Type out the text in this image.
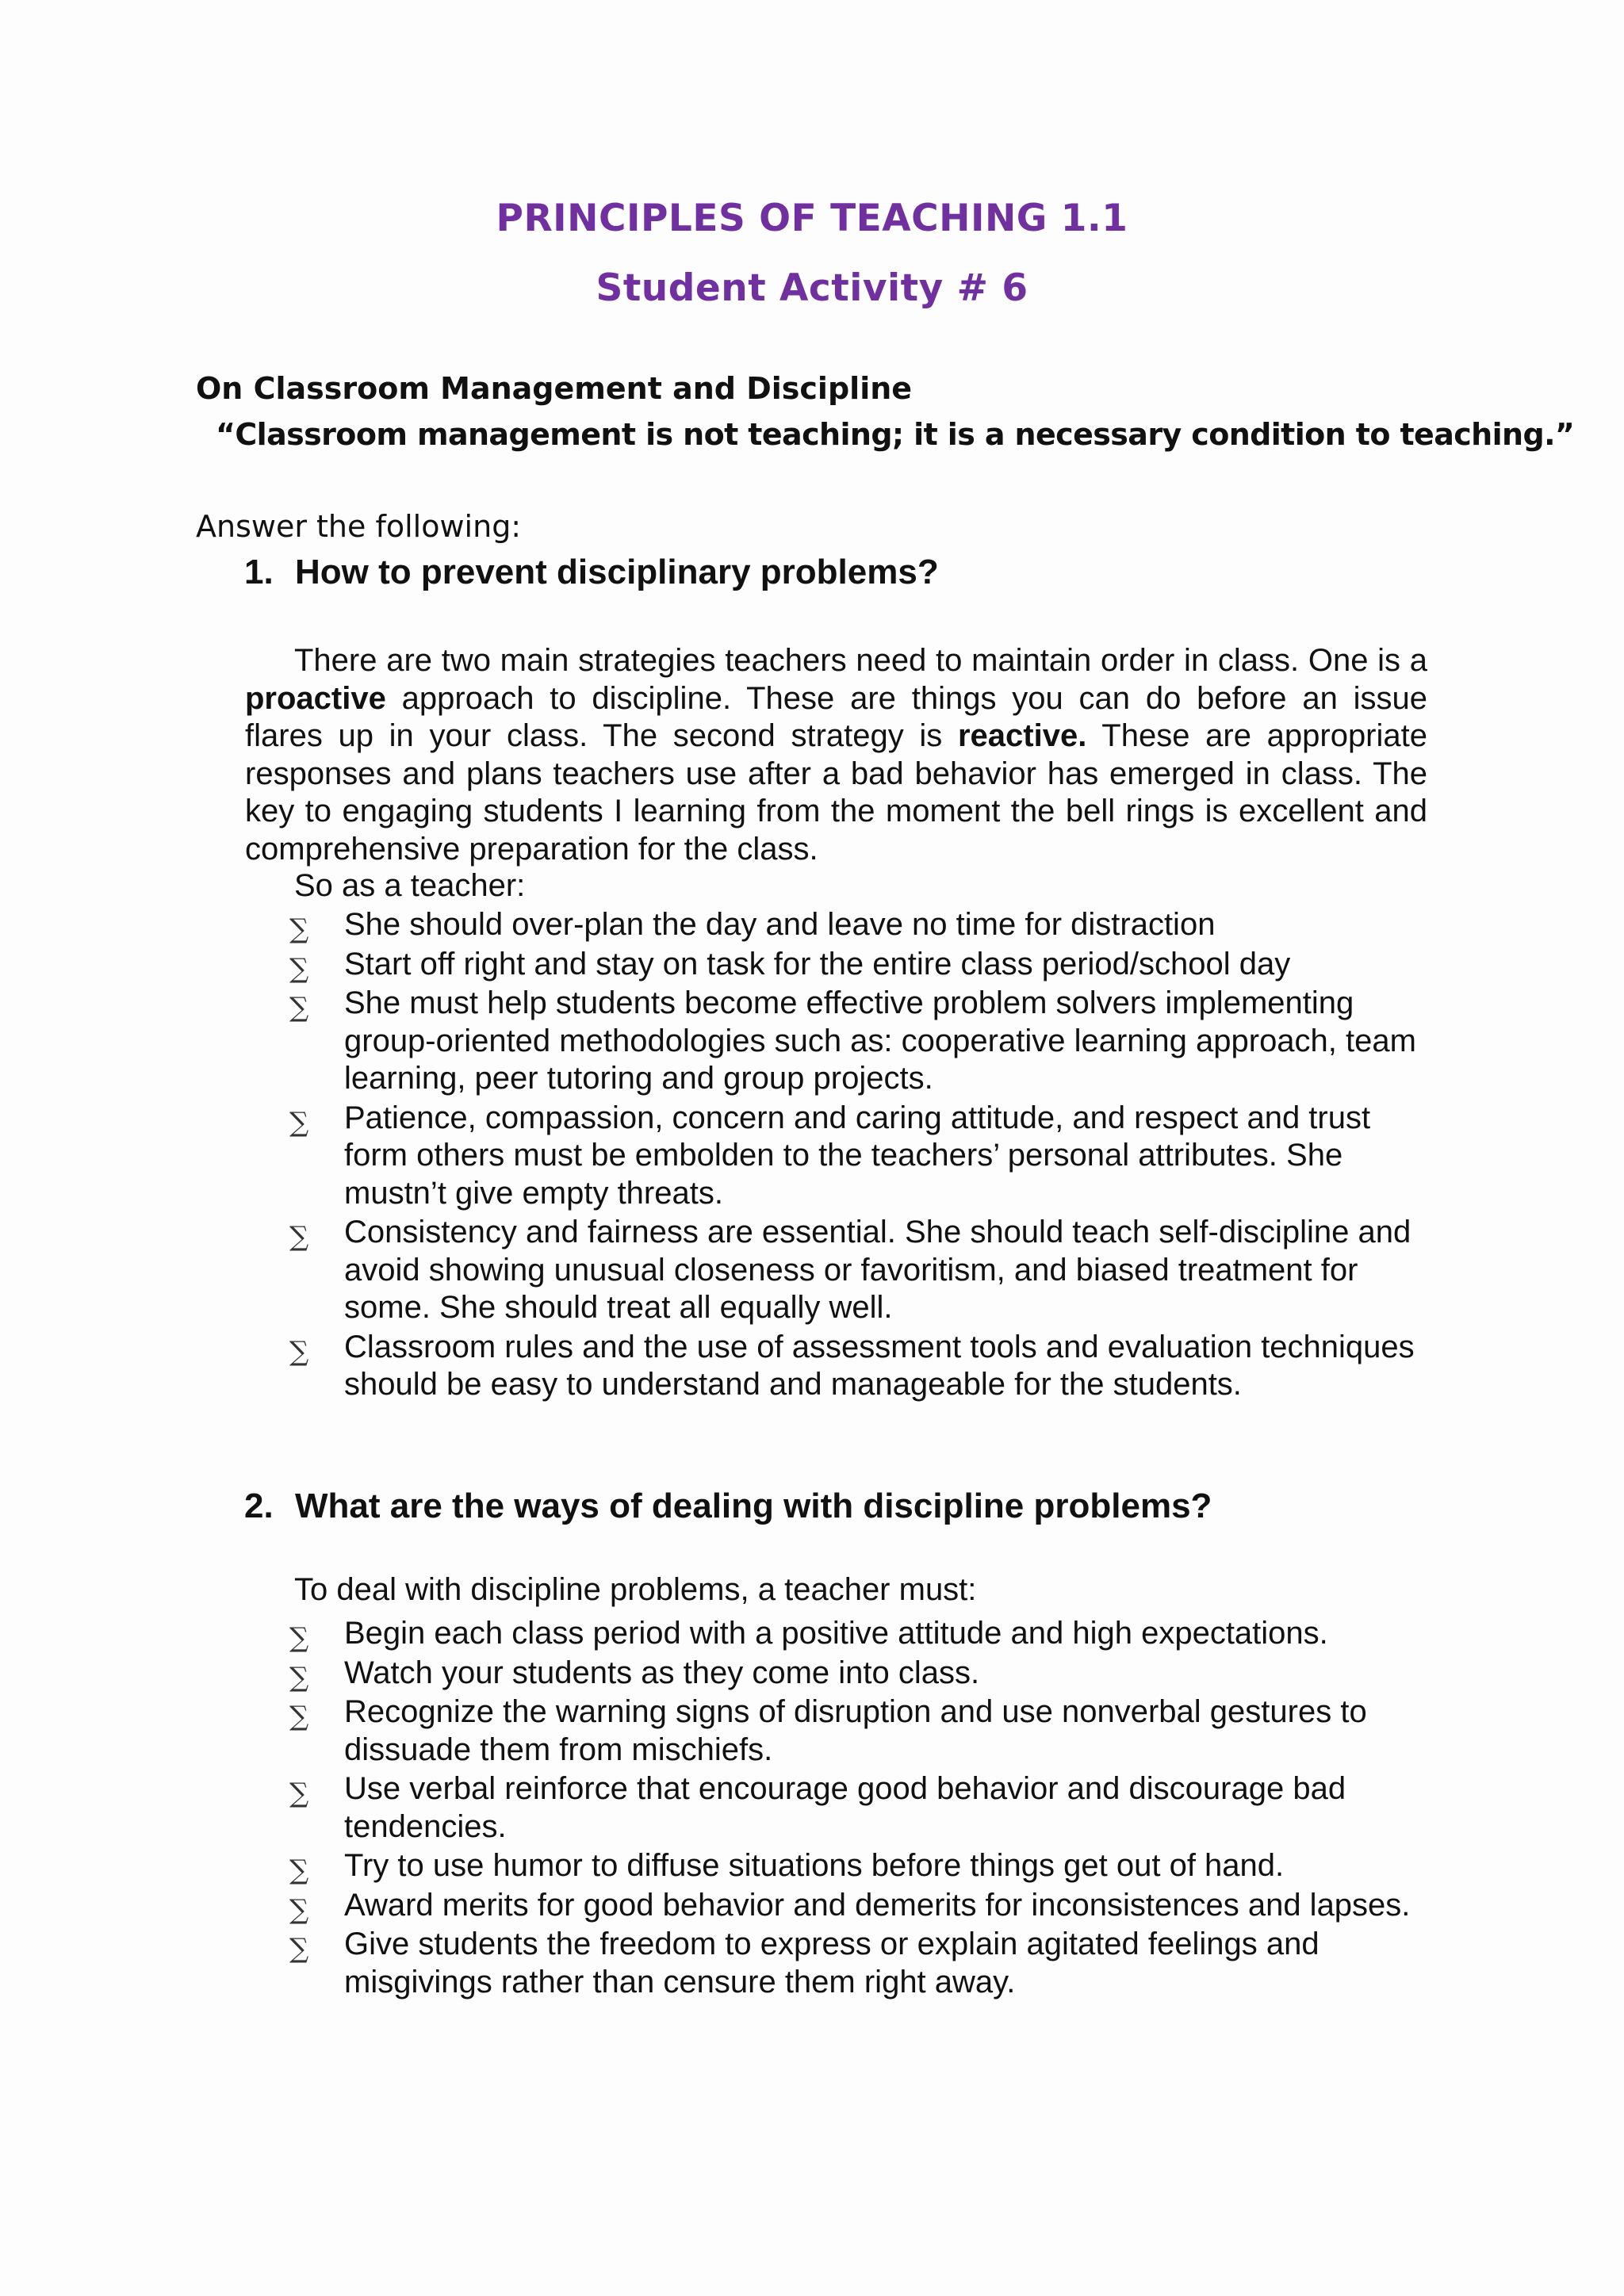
PRINCIPLES OF TEACHING 1.1
Student Activity # 6
On Classroom Management and Discipline
“Classroom management is not teaching; it is a necessary condition to teaching.”
Answer the following:
1. How to prevent disciplinary problems?
There are two main strategies teachers need to maintain order in class. One is a proactive approach to discipline. These are things you can do before an issue flares up in your class. The second strategy is reactive. These are appropriate responses and plans teachers use after a bad behavior has emerged in class. The key to engaging students I learning from the moment the bell rings is excellent and comprehensive preparation for the class.
So as a teacher:
∑ She should over-plan the day and leave no time for distraction
∑ Start off right and stay on task for the entire class period/school day
∑ She must help students become effective problem solvers implementing group-oriented methodologies such as: cooperative learning approach, team learning, peer tutoring and group projects.
∑ Patience, compassion, concern and caring attitude, and respect and trust form others must be embolden to the teachers’ personal attributes. She mustn’t give empty threats.
∑ Consistency and fairness are essential. She should teach self-discipline and avoid showing unusual closeness or favoritism, and biased treatment for some. She should treat all equally well.
∑ Classroom rules and the use of assessment tools and evaluation techniques should be easy to understand and manageable for the students.
2. What are the ways of dealing with discipline problems?
To deal with discipline problems, a teacher must:
∑ Begin each class period with a positive attitude and high expectations.
∑ Watch your students as they come into class.
∑ Recognize the warning signs of disruption and use nonverbal gestures to dissuade them from mischiefs.
∑ Use verbal reinforce that encourage good behavior and discourage bad tendencies.
∑ Try to use humor to diffuse situations before things get out of hand.
∑ Award merits for good behavior and demerits for inconsistences and lapses.
∑ Give students the freedom to express or explain agitated feelings and misgivings rather than censure them right away.
